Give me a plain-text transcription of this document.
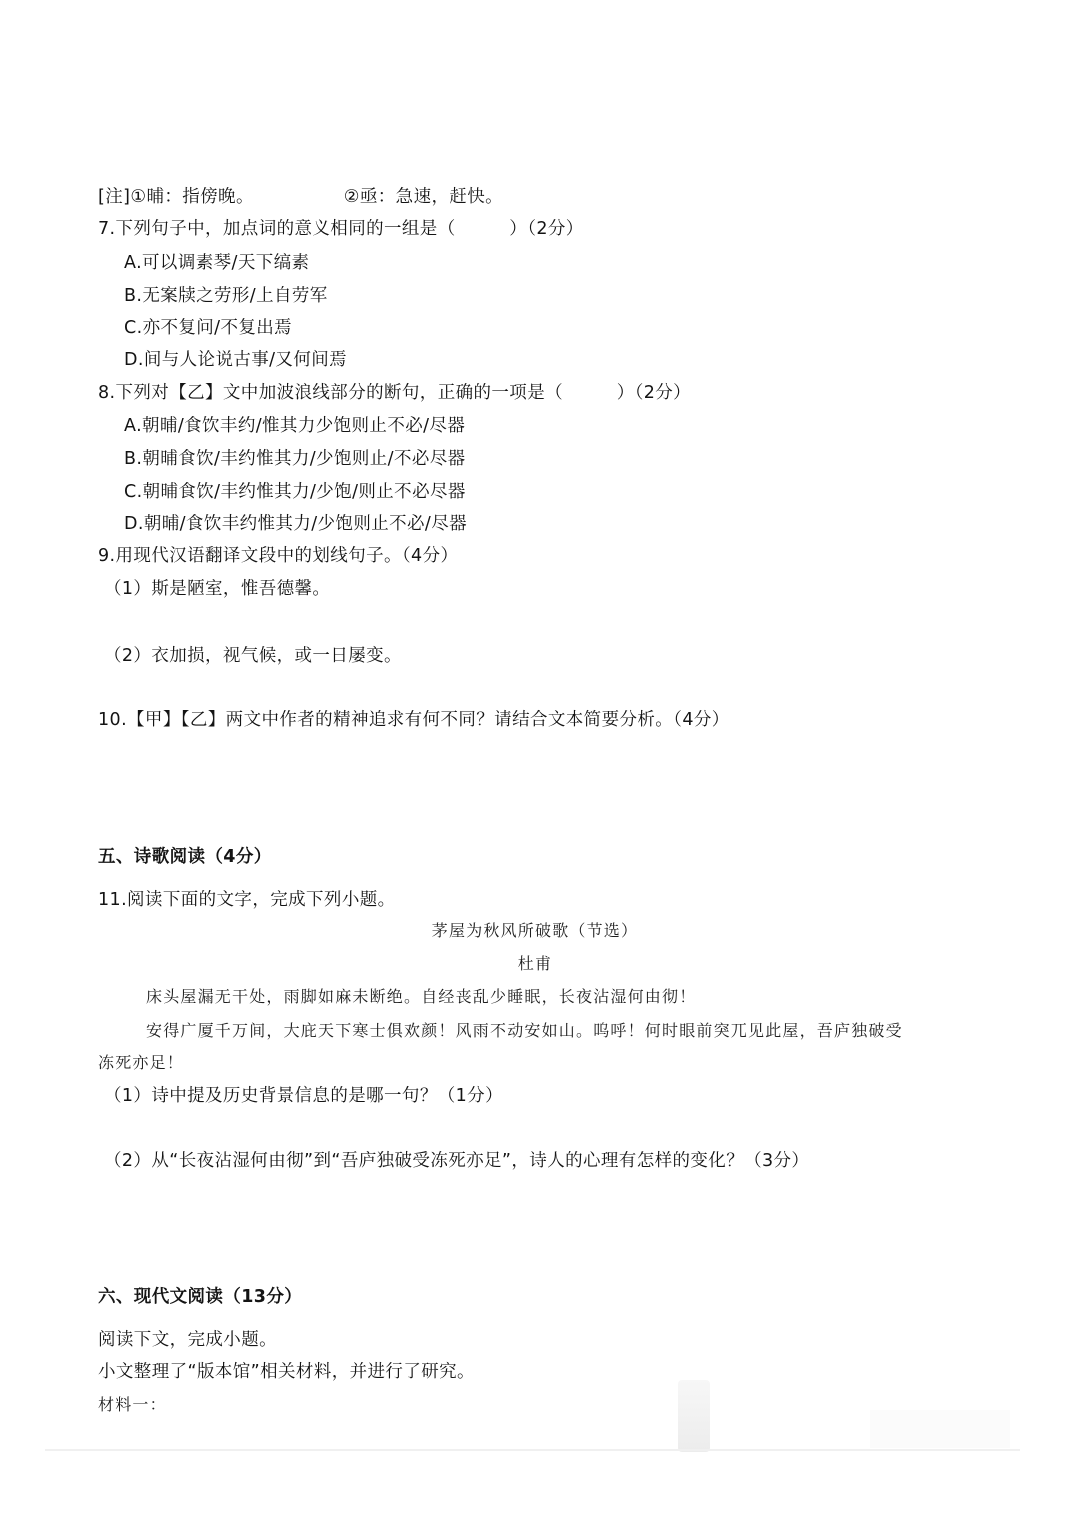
[注]①晡：指傍晚。	②亟：急速，赶快。
7.下列句子中，加点词的意义相同的一组是（　　　）（2分）
A.可以调素琴/天下缟素
B.无案牍之劳形/上自劳军
C.亦不复问/不复出焉
D.间与人论说古事/又何间焉
8.下列对【乙】文中加波浪线部分的断句，正确的一项是（　　　）（2分）
A.朝晡/食饮丰约/惟其力少饱则止不必/尽器
B.朝晡食饮/丰约惟其力/少饱则止/不必尽器
C.朝晡食饮/丰约惟其力/少饱/则止不必尽器
D.朝晡/食饮丰约惟其力/少饱则止不必/尽器
9.用现代汉语翻译文段中的划线句子。（4分）
（1）斯是陋室，惟吾德馨。
（2）衣加损，视气候，或一日屡变。
10.【甲】【乙】两文中作者的精神追求有何不同？请结合文本简要分析。（4分）
五、诗歌阅读（4分）
11.阅读下面的文字，完成下列小题。
茅屋为秋风所破歌（节选）
杜甫
床头屋漏无干处，雨脚如麻未断绝。自经丧乱少睡眠，长夜沾湿何由彻！
安得广厦千万间，大庇天下寒士俱欢颜！风雨不动安如山。呜呼！何时眼前突兀见此屋，吾庐独破受
冻死亦足！
（1）诗中提及历史背景信息的是哪一句？（1分）
（2）从“长夜沾湿何由彻”到“吾庐独破受冻死亦足”，诗人的心理有怎样的变化？（3分）
六、现代文阅读（13分）
阅读下文，完成小题。
小文整理了“版本馆”相关材料，并进行了研究。
材料一：
